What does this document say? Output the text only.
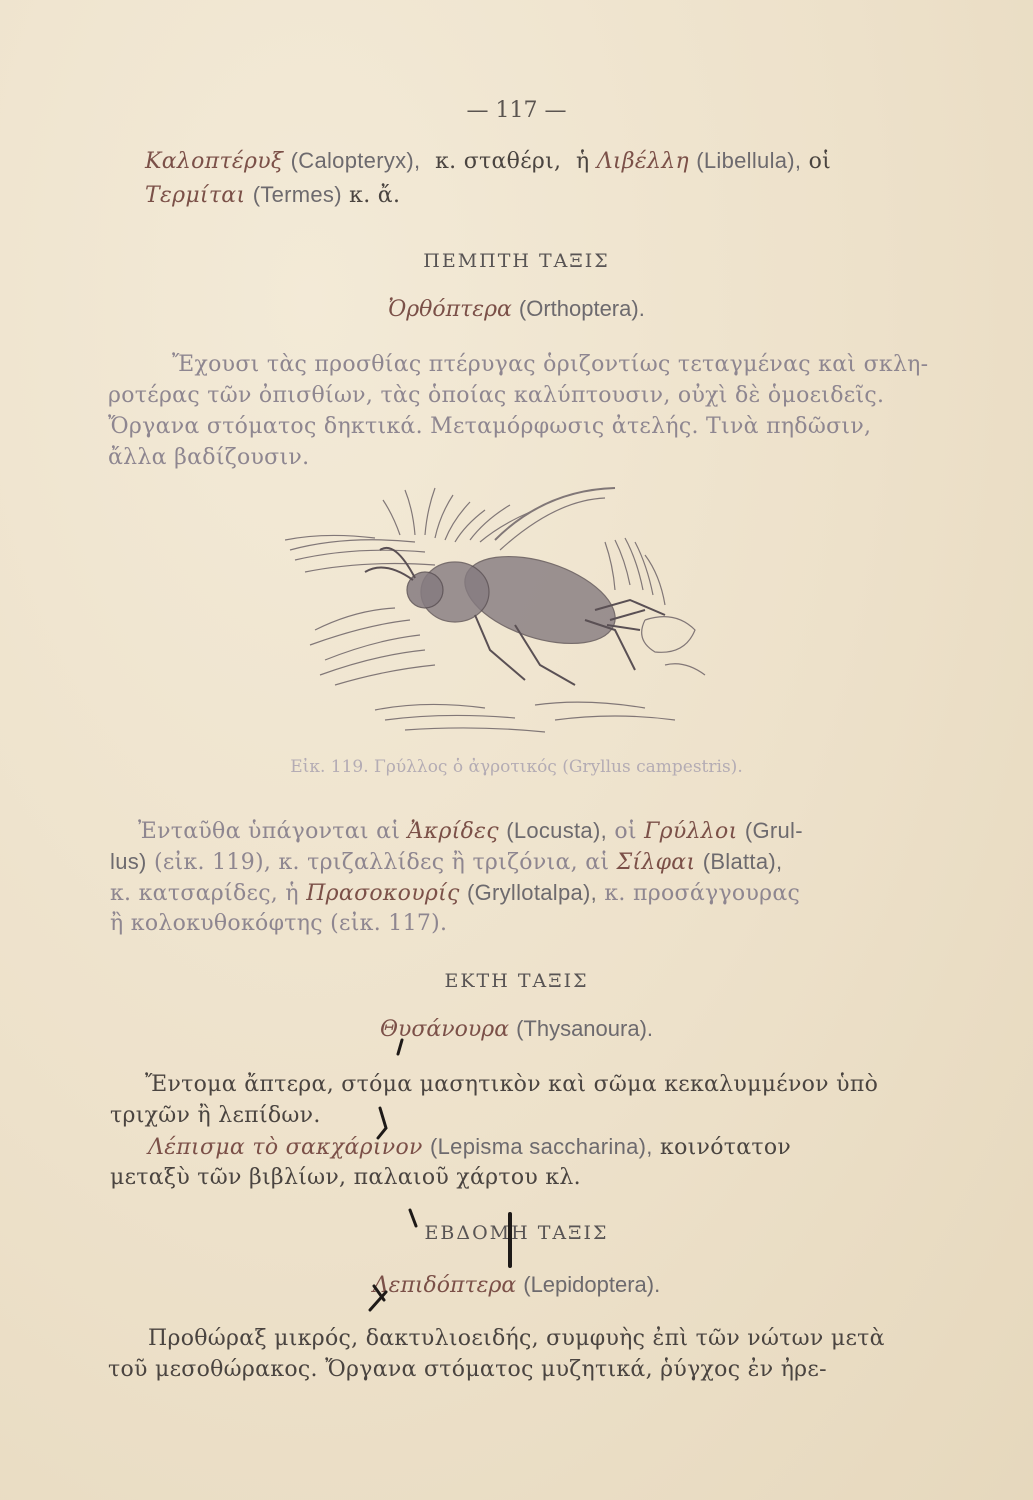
— 117 —
Καλοπτέρυξ (Calopteryx), κ. σταθέρι, ἡ Λιβέλλη (Libellula), οἱ
Τερμίται (Termes) κ. ἄ.
ΠΕΜΠΤΗ ΤΑΞΙΣ
Ὀρθόπτερα (Orthoptera).
Ἔχουσι τὰς προσθίας πτέρυγας ὁριζοντίως τεταγμένας καὶ σκλη-
ροτέρας τῶν ὀπισθίων, τὰς ὁποίας καλύπτουσιν, οὐχὶ δὲ ὁμοειδεῖς.
Ὄργανα στόματος δηκτικά. Μεταμόρφωσις ἀτελής. Τινὰ πηδῶσιν,
ἄλλα βαδίζουσιν.
Εἰκ. 119. Γρύλλος ὁ ἀγροτικός (Gryllus campestris).
Ἐνταῦθα ὑπάγονται αἱ Ἀκρίδες (Locusta), οἱ Γρύλλοι (Grul-
lus) (εἰκ. 119), κ. τριζαλλίδες ἢ τριζόνια, αἱ Σίλφαι (Blatta),
κ. κατσαρίδες, ἡ Πρασοκουρίς (Gryllotalpa), κ. προσάγγουρας
ἢ κολοκυθοκόφτης (εἰκ. 117).
ΕΚΤΗ ΤΑΞΙΣ
Θυσάνουρα (Thysanoura).
Ἔντομα ἄπτερα, στόμα μασητικὸν καὶ σῶμα κεκαλυμμένον ὑπὸ
τριχῶν ἢ λεπίδων.
Λέπισμα τὸ σακχάρινον (Lepisma saccharina), κοινότατον
μεταξὺ τῶν βιβλίων, παλαιοῦ χάρτου κλ.
ΕΒΔΟΜΗ ΤΑΞΙΣ
Λεπιδόπτερα (Lepidoptera).
Προθώραξ μικρός, δακτυλιοειδής, συμφυὴς ἐπὶ τῶν νώτων μετὰ
τοῦ μεσοθώρακος. Ὄργανα στόματος μυζητικά, ῥύγχος ἐν ἠρε-
